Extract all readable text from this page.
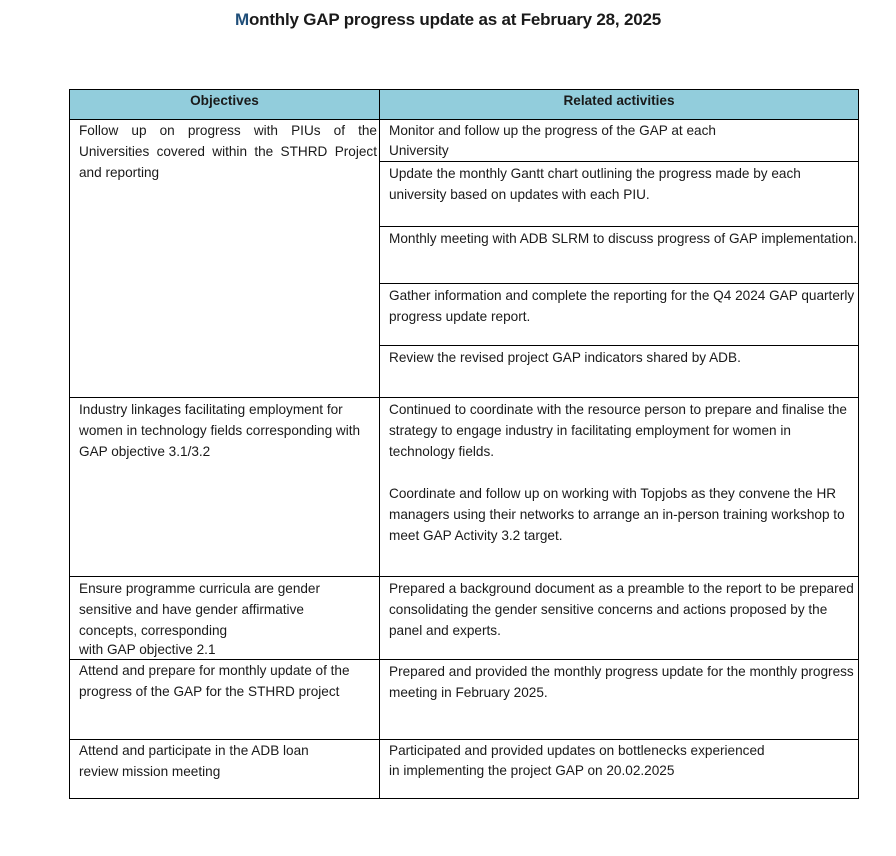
Monthly GAP progress update as at February 28, 2025
Objectives	Related activities
Follow up on progress with PIUs of the Universities covered within the STHRD Project and reporting	Monitor and follow up the progress of the GAP at each University

	Update the monthly Gantt chart outlining the progress made by each university based on updates with each PIU.

	Monthly meeting with ADB SLRM to discuss progress of GAP implementation.

	Gather information and complete the reporting for the Q4 2024 GAP quarterly progress update report.

	Review the revised project GAP indicators shared by ADB.

Industry linkages facilitating employment for women in technology fields corresponding with GAP objective 3.1/3.2	Continued to coordinate with the resource person to prepare and finalise the strategy to engage industry in facilitating employment for women in technology fields.

Coordinate and follow up on working with Topjobs as they convene the HR managers using their networks to arrange an in-person training workshop to meet GAP Activity 3.2 target.

Ensure programme curricula are gender
sensitive and have gender affirmative
concepts, corresponding
with GAP objective 2.1	Prepared a background document as a preamble to the report to be prepared consolidating the gender sensitive concerns and actions proposed by the panel and experts.

Attend and prepare for monthly update of the progress of the GAP for the STHRD project	Prepared and provided the monthly progress update for the monthly progress meeting in February 2025.

Attend and participate in the ADB loan review mission meeting	Participated and provided updates on bottlenecks experienced in implementing the project GAP on 20.02.2025
